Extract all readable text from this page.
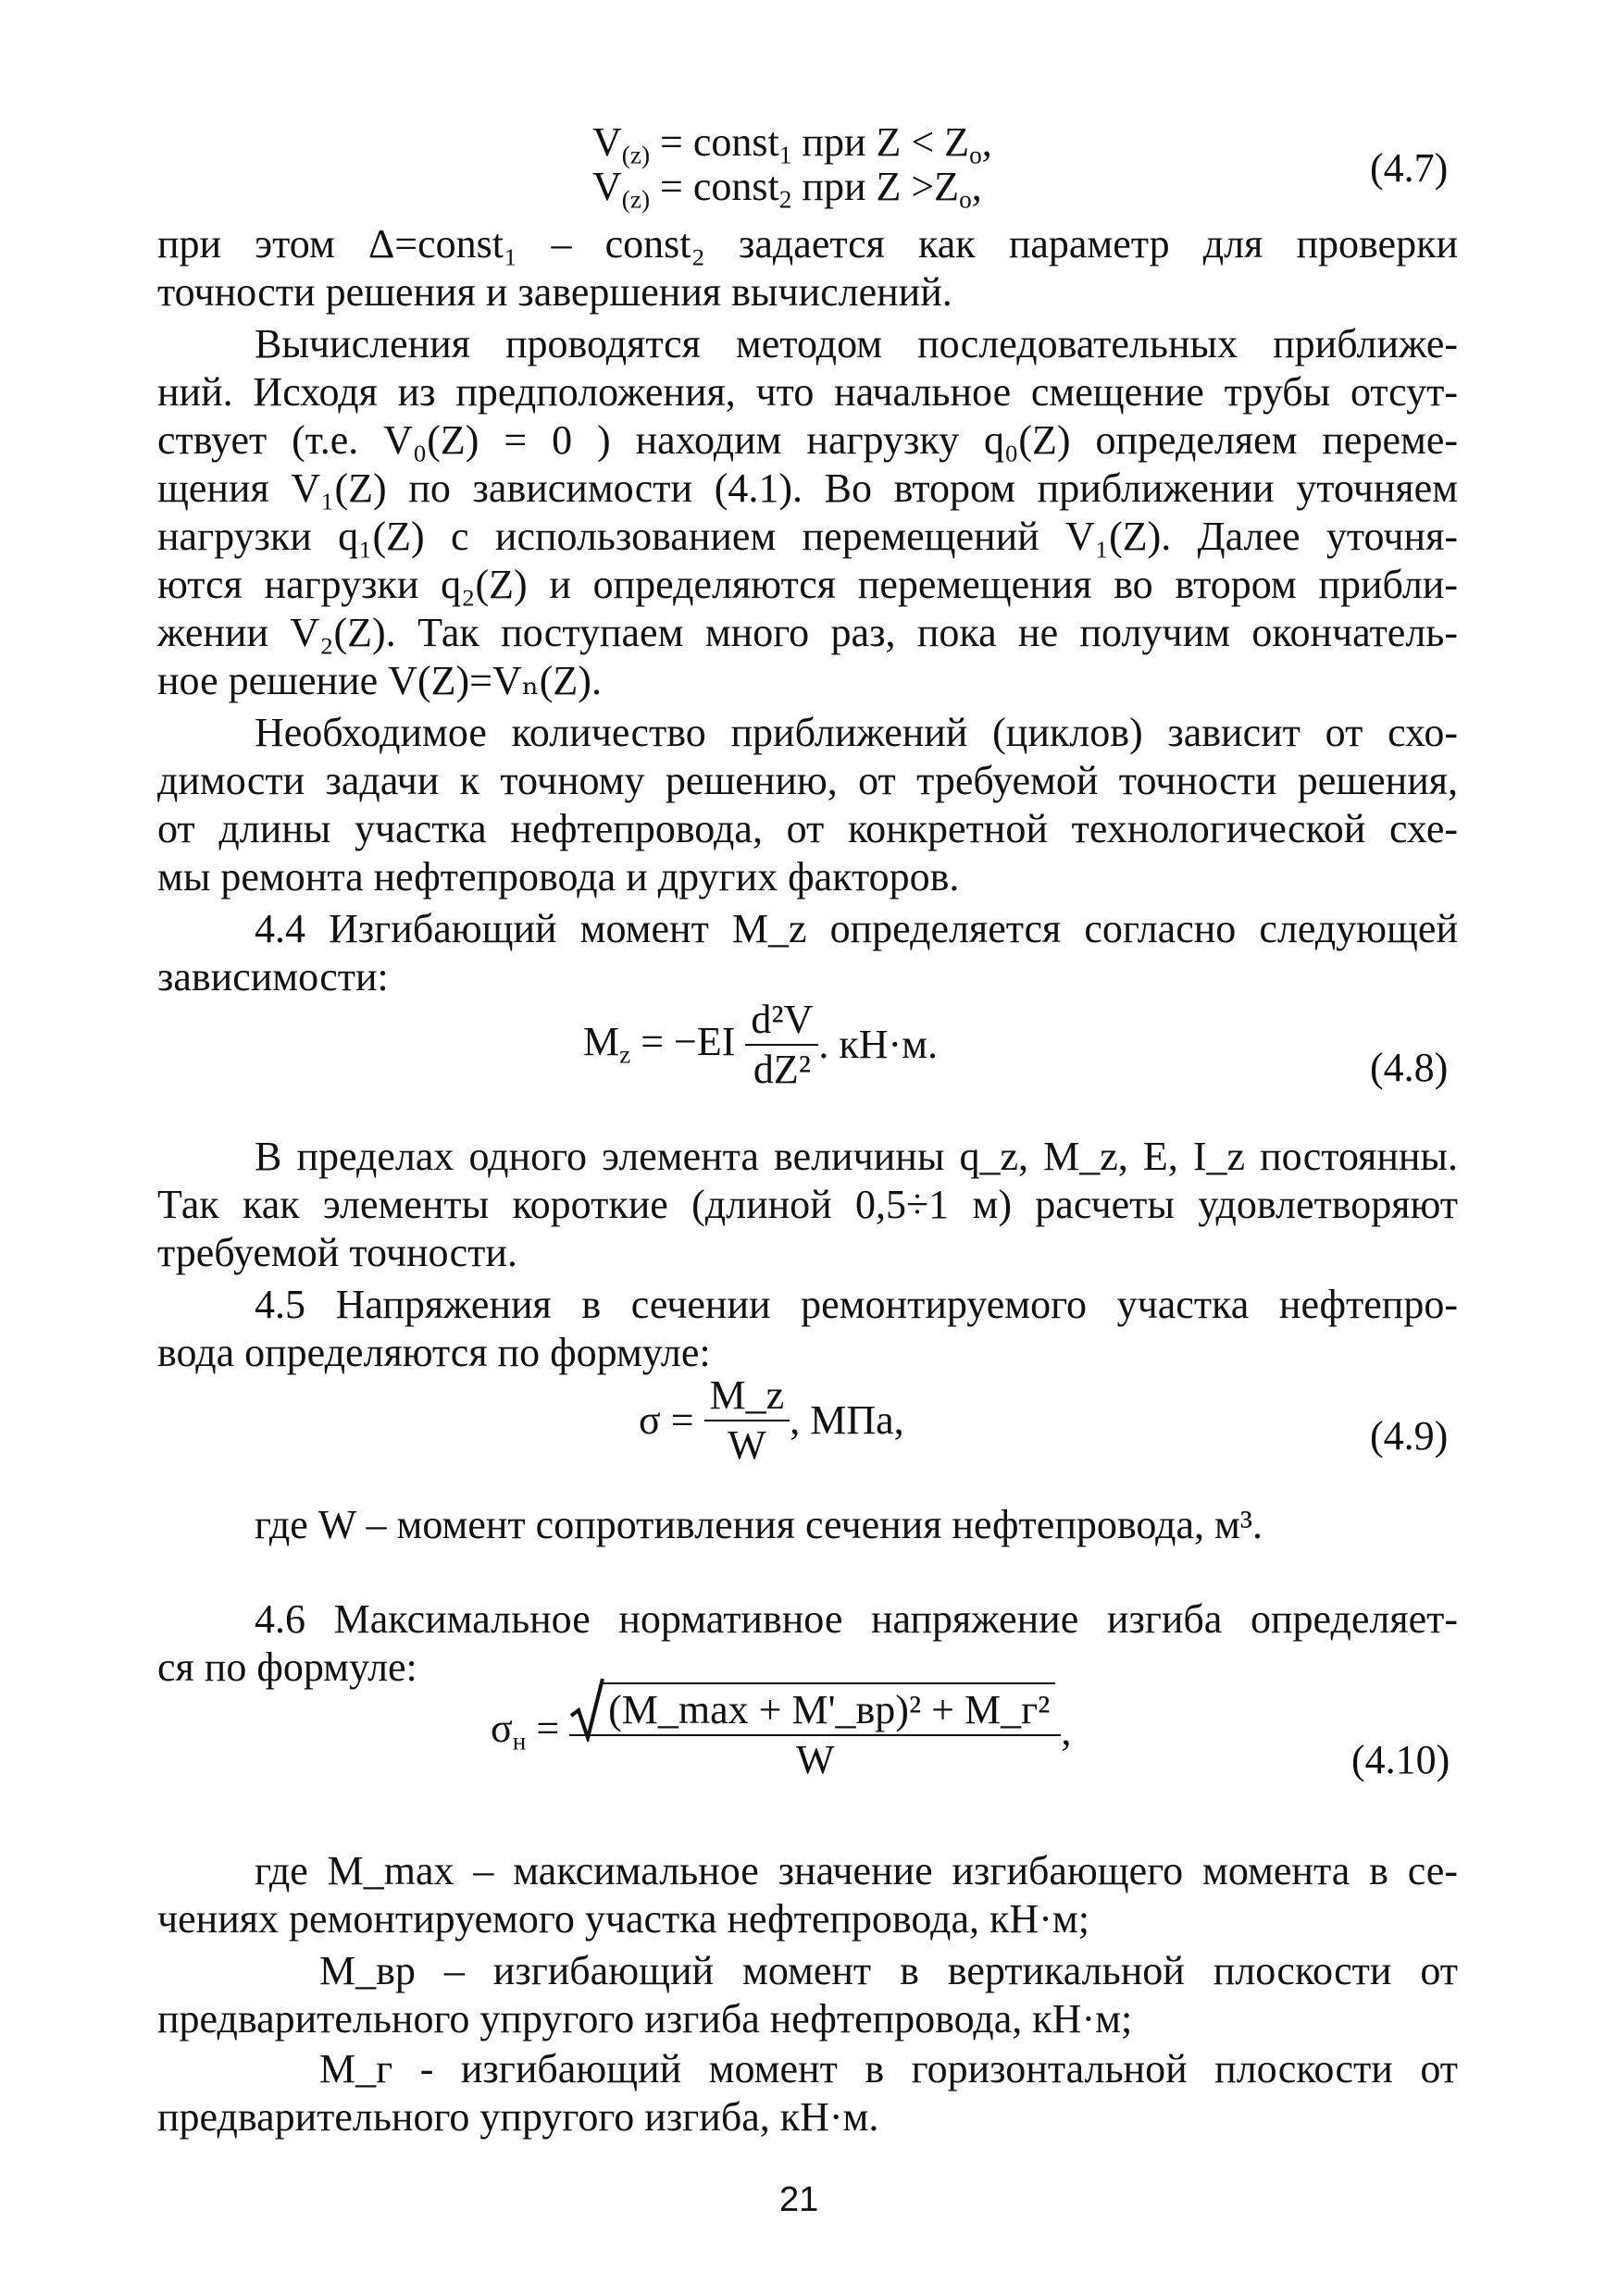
$V_{(z)}$ = const$_1$ при $Z < Z_o$,
$V_{(z)}$ = const$_2$ при $Z >Z_o$,	(4.7)
при этом Δ=const₁ – const₂ задается как параметр для проверки
точности решения и завершения вычислений.
Вычисления проводятся методом последовательных приближе-
ний. Исходя из предположения, что начальное смещение трубы отсут-
ствует (т.е. V₀(Z) = 0 ) находим нагрузку q₀(Z) определяем переме-
щения V₁(Z) по зависимости (4.1). Во втором приближении уточняем
нагрузки q₁(Z) с использованием перемещений V₁(Z). Далее уточня-
ются нагрузки q₂(Z) и определяются перемещения во втором прибли-
жении V₂(Z). Так поступаем много раз, пока не получим окончатель-
ное решение V(Z)=Vₙ(Z).
Необходимое количество приближений (циклов) зависит от схо-
димости задачи к точному решению, от требуемой точности решения,
от длины участка нефтепровода, от конкретной технологической схе-
мы ремонта нефтепровода и других факторов.
4.4 Изгибающий момент M_z определяется согласно следующей
зависимости:
$M_z = -EI \frac{\text{d²V}}{\text{dZ²}}$ . кН·м.
(4.8)
В пределах одного элемента величины q_z, M_z, E, I_z постоянны.
Так как элементы короткие (длиной 0,5÷1 м) расчеты удовлетворяют
требуемой точности.
4.5 Напряжения в сечении ремонтируемого участка нефтепро-
вода определяются по формуле:
$\sigma = \frac{M\_z}{W}$ , МПа,	(4.9)
где W – момент сопротивления сечения нефтепровода, м³.
4.6 Максимальное нормативное напряжение изгиба определяет-
ся по формуле:
$\sigma_н = \frac{\text{(M\_max + M'\_вр)² + M\_г²}}{W}$ ,
(4.10)
где M_max – максимальное значение изгибающего момента в се-
чениях ремонтируемого участка нефтепровода, кН·м;
M_вр – изгибающий момент в вертикальной плоскости от
предварительного упругого изгиба нефтепровода, кН·м;
M_г - изгибающий момент в горизонтальной плоскости от
предварительного упругого изгиба, кН·м.
21
